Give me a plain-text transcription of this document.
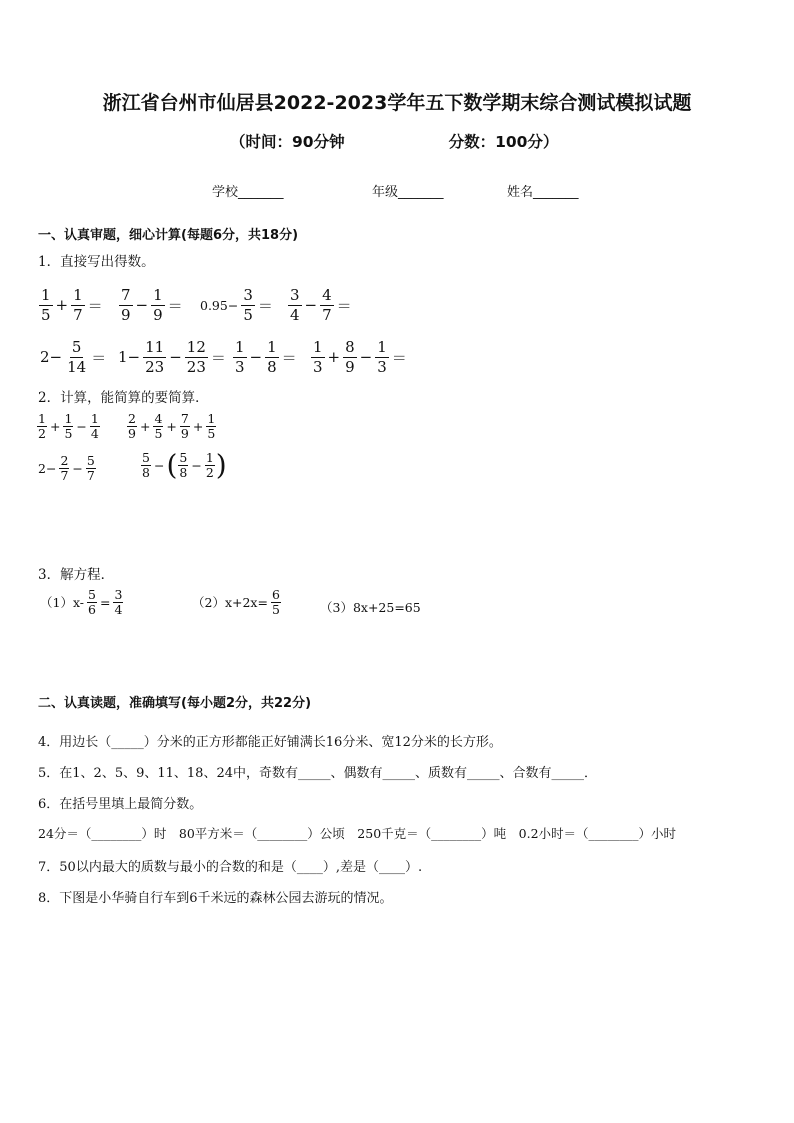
浙江省台州市仙居县2022-2023学年五下数学期末综合测试模拟试题
（时间：90分钟	分数：100分）
学校_______	年级_______	姓名_______
一、认真审题，细心计算(每题6分，共18分)
1．直接写出得数。
$\frac{1}{5} + \frac{1}{7} = \frac{7}{9} - \frac{1}{9} = 0.95- \frac{3}{5} = \frac{3}{4} - \frac{4}{7}$ ＝
$2- \frac{5}{14} = 1- \frac{11}{23} - \frac{12}{23} = \frac{1}{3} - \frac{1}{8} = \frac{1}{3} + \frac{8}{9} - \frac{1}{3}$ ＝
2．计算，能简算的要简算．
$\frac{1}{2} + \frac{1}{5} - \frac{1}{4} \frac{2}{9} + \frac{4}{5} + \frac{7}{9} + \frac{1}{5}$
$2- \frac{2}{7} - \frac{5}{7}$	$\frac{5}{8}$ −( $\frac{5}{8} - \frac{1}{2}$ )
3．解方程．
$(1)x- \frac{5}{6} = \frac{3}{4}$	$(2)x+2x= \frac{6}{5}$	（3）8x+25=65
二、认真读题，准确填写(每小题2分，共22分)
4．用边长（_____）分米的正方形都能正好铺满长16分米、宽12分米的长方形。
5．在1、2、5、9、11、18、24中，奇数有_____、偶数有_____、质数有_____、合数有_____．
6．在括号里填上最简分数。
24分＝（________）时　80平方米＝（________）公顷　250千克＝（________）吨　0.2小时＝（________）小时
7．50以内最大的质数与最小的合数的和是（____）,差是（____）.
8．下图是小华骑自行车到6千米远的森林公园去游玩的情况。
